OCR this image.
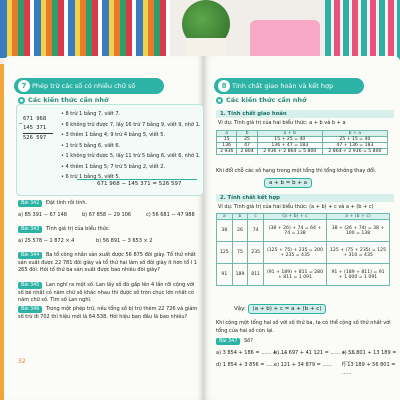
7 Phép trừ các số có nhiều chữ số
Các kiến thức cần nhớ
−
671 968
145 371
526 597
• 8 trừ 1 bằng 7, viết 7.
• 6 không trừ được 7, lấy 16 trừ 7 bằng 9, viết 9, nhớ 1.
• 3 thêm 1 bằng 4; 9 trừ 4 bằng 5, viết 5.
• 1 trừ 5 bằng 6, viết 6.
• 1 không trừ được 5, lấy 11 trừ 5 bằng 6, viết 6, nhớ 1.
• 4 thêm 1 bằng 5; 7 trừ 5 bằng 2, viết 2.
• 6 trừ 1 bằng 5, viết 5.
671 968 − 145 371 = 526 597
Bài 342	Đặt tính rồi tính.
a) 85 391 − 67 148	b) 67 858 − 29 106	c) 56 681 − 47 988
Bài 343	Tính giá trị của biểu thức.
a) 25 578 − 1 872 × 4	b) 56 891 − 3 653 × 2
Bài 344	Ba tổ công nhân sản xuất được 56 875 đôi giày. Tổ thứ nhất sản xuất được 22 781 đôi giày và tổ thứ hai làm số đôi giày ít hơn tổ I 1 265 đôi. Hỏi tổ thứ ba sản xuất được bao nhiêu đôi giày?
Bài 345	Lan nghĩ ra một số. Lan lấy số đó gấp lên 4 lần rồi cộng với số bé nhất có năm chữ số khác nhau thì được số tròn chục lớn nhất có năm chữ số. Tìm số Lan nghĩ.
Bài 346	Trong một phép trừ, nếu tổng số bị trừ thêm 22 726 và giảm số trừ đi 702 thì hiệu mới là 64 538. Hỏi hiệu ban đầu là bao nhiêu?
32
8 Tính chất giao hoán và kết hợp
Các kiến thức cần nhớ
1. Tính chất giao hoán
Ví dụ: Tính giá trị của hai biểu thức: a + b và b + a
a	b	a + b	b + a
15	25	15 + 25 = 40	25 + 15 = 40
136	47	136 + 47 = 183	47 + 136 = 183
2 936	2 804	2 936 + 2 864 = 5 800	2 864 + 2 936 = 5 800
Khi đổi chỗ các số hạng trong một tổng thì tổng không thay đổi.
a + b = b + a
2. Tính chất kết hợp
Ví dụ: Tính giá trị của hai biểu thức: (a + b) + c và a + (b + c)
a	b	c	(a + b) + c	a + (b + c)
38	26	74	(38 + 26) + 74 = 64 + 74 = 138	38 + (26 + 74) = 38 + 100 = 138
125	75	235	(125 + 75) + 235 = 200 + 235 = 435	125 + (75 + 235) = 125 + 310 = 435
91	189	811	(91 + 189) + 811 = 280 + 811 = 1 091	91 + (189 + 811) = 91 + 1 000 = 1 091
Vậy: (a + b) + c = a + (b + c)
Khi cộng một tổng hai số với số thứ ba, ta có thể cộng số thứ nhất với tổng của hai số còn lại.
Bài 347	Số?
a) 3 854 + 186 = ...... + ......
b) 14 697 + 41 121 = ...... + ......
c) 56 801 + 13 189 = ......
d) 1 854 + 3 856 = ......
e) 121 + 34 879 = ...... f) 13 189 + 56 801 = ......
